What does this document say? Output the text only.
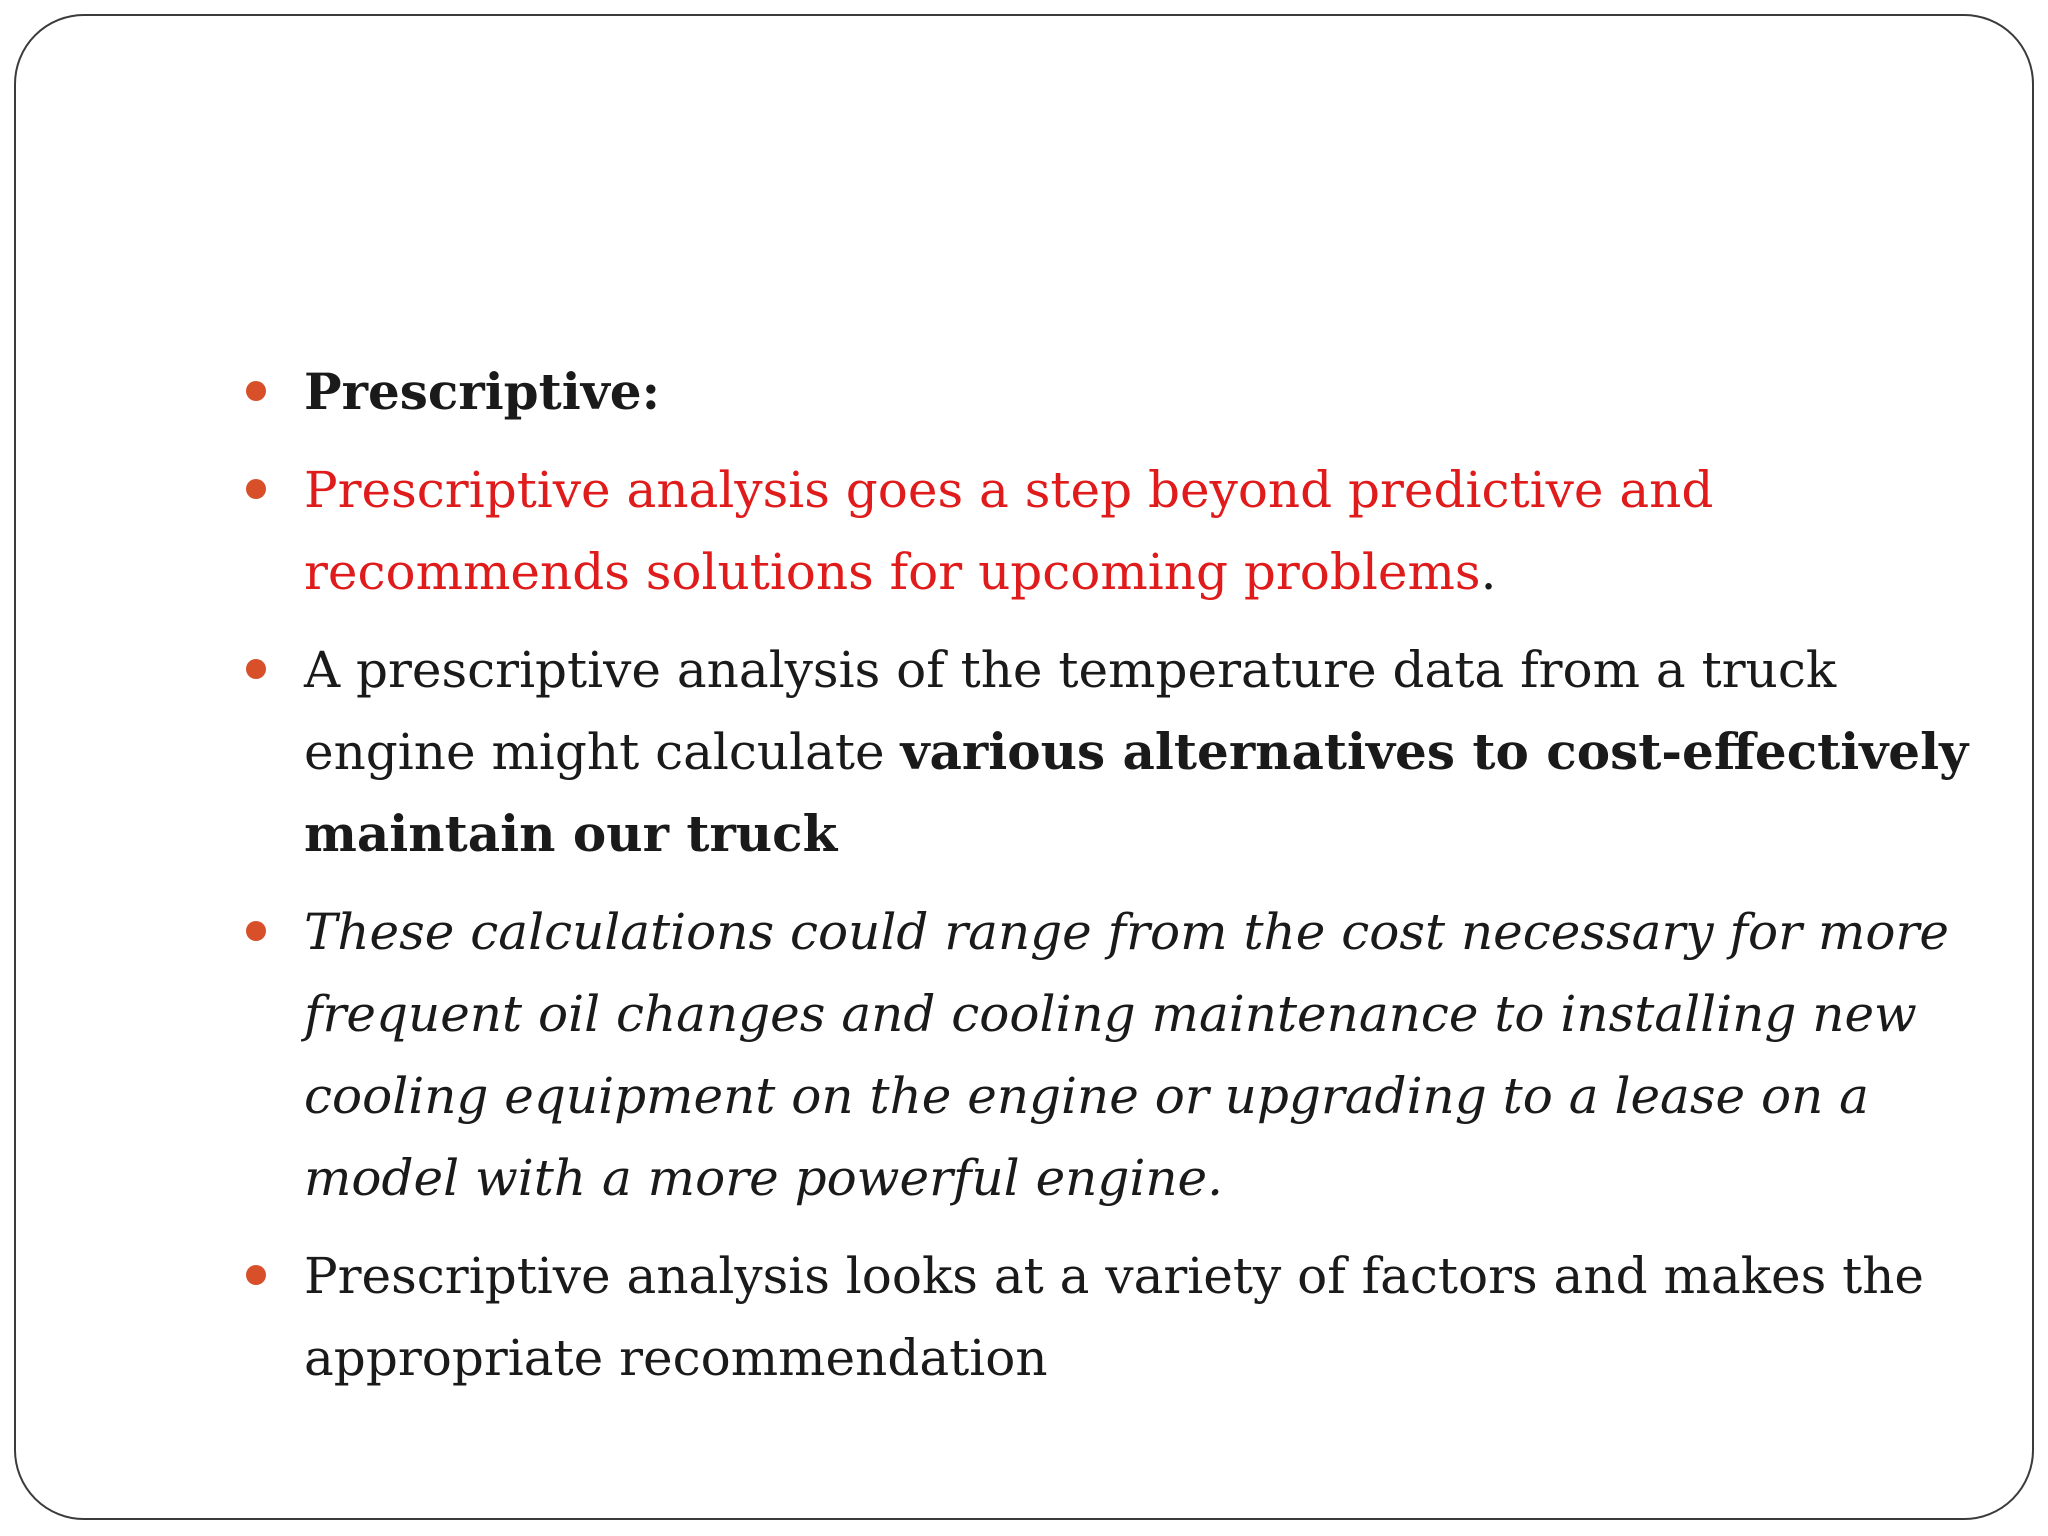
Prescriptive:
Prescriptive analysis goes a step beyond predictive and recommends solutions for upcoming problems.
A prescriptive analysis of the temperature data from a truck engine might calculate various alternatives to cost-effectively maintain our truck
These calculations could range from the cost necessary for more frequent oil changes and cooling maintenance to installing new cooling equipment on the engine or upgrading to a lease on a model with a more powerful engine.
Prescriptive analysis looks at a variety of factors and makes the appropriate recommendation
